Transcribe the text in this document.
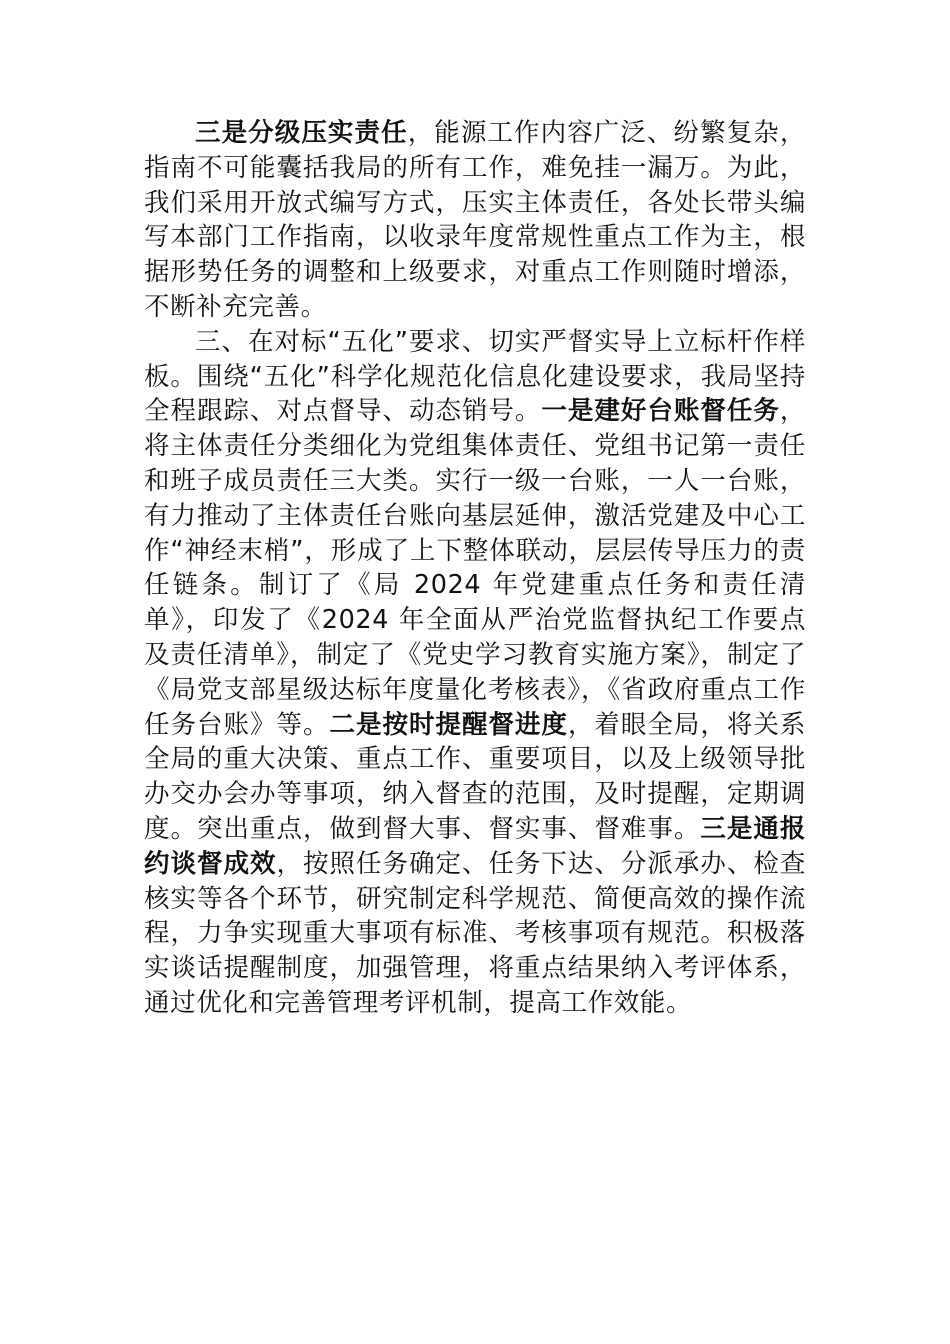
三是分级压实责任，能源工作内容广泛、纷繁复杂，指南不可能囊括我局的所有工作，难免挂一漏万。为此，我们采用开放式编写方式，压实主体责任，各处长带头编写本部门工作指南，以收录年度常规性重点工作为主，根据形势任务的调整和上级要求，对重点工作则随时增添，不断补充完善。

三、在对标“五化”要求、切实严督实导上立标杆作样板。围绕“五化”科学化规范化信息化建设要求，我局坚持全程跟踪、对点督导、动态销号。一是建好台账督任务，将主体责任分类细化为党组集体责任、党组书记第一责任和班子成员责任三大类。实行一级一台账，一人一台账，有力推动了主体责任台账向基层延伸，激活党建及中心工作“神经末梢”，形成了上下整体联动，层层传导压力的责任链条。制订了《局 2024 年党建重点任务和责任清单》，印发了《2024 年全面从严治党监督执纪工作要点及责任清单》，制定了《党史学习教育实施方案》，制定了《局党支部星级达标年度量化考核表》，《省政府重点工作任务台账》等。二是按时提醒督进度，着眼全局，将关系全局的重大决策、重点工作、重要项目，以及上级领导批办交办会办等事项，纳入督查的范围，及时提醒，定期调度。突出重点，做到督大事、督实事、督难事。三是通报约谈督成效，按照任务确定、任务下达、分派承办、检查核实等各个环节，研究制定科学规范、简便高效的操作流程，力争实现重大事项有标准、考核事项有规范。积极落实谈话提醒制度，加强管理，将重点结果纳入考评体系，通过优化和完善管理考评机制，提高工作效能。
